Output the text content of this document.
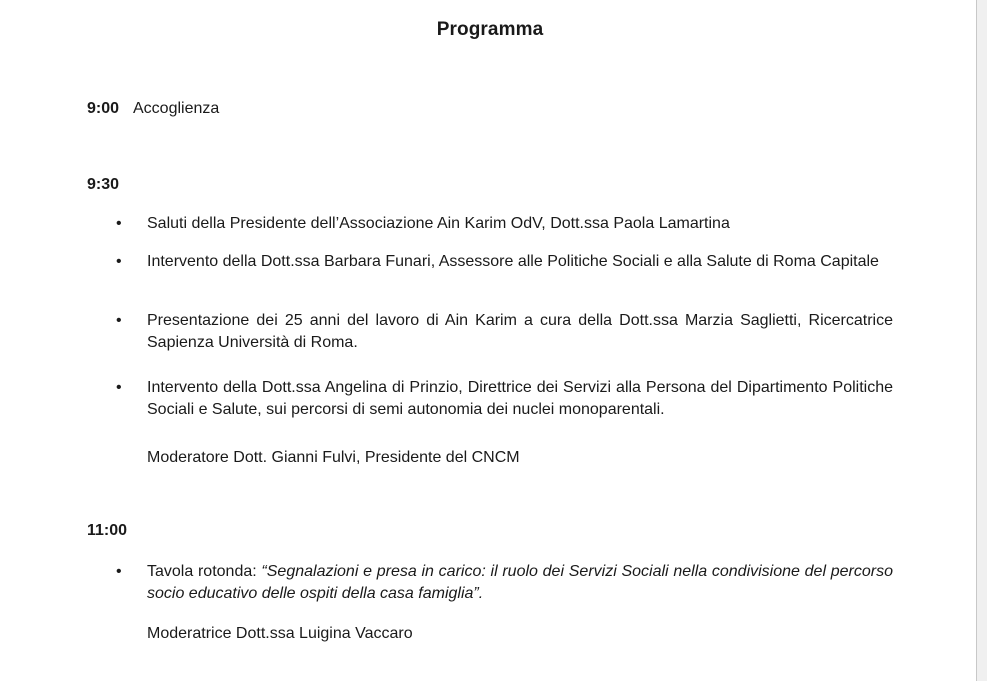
Programma
9:00 Accoglienza
9:30
• Saluti della Presidente dell’Associazione Ain Karim OdV, Dott.ssa Paola Lamartina
• Intervento della Dott.ssa Barbara Funari, Assessore alle Politiche Sociali e alla Salute di Roma Capitale
• Presentazione dei 25 anni del lavoro di Ain Karim a cura della Dott.ssa Marzia Saglietti, Ricercatrice Sapienza Università di Roma.
• Intervento della Dott.ssa Angelina di Prinzio, Direttrice dei Servizi alla Persona del Dipartimento Politiche Sociali e Salute, sui percorsi di semi autonomia dei nuclei monoparentali.
Moderatore Dott. Gianni Fulvi, Presidente del CNCM
11:00
• Tavola rotonda: “Segnalazioni e presa in carico: il ruolo dei Servizi Sociali nella condivisione del percorso socio educativo delle ospiti della casa famiglia”.
Moderatrice Dott.ssa Luigina Vaccaro
